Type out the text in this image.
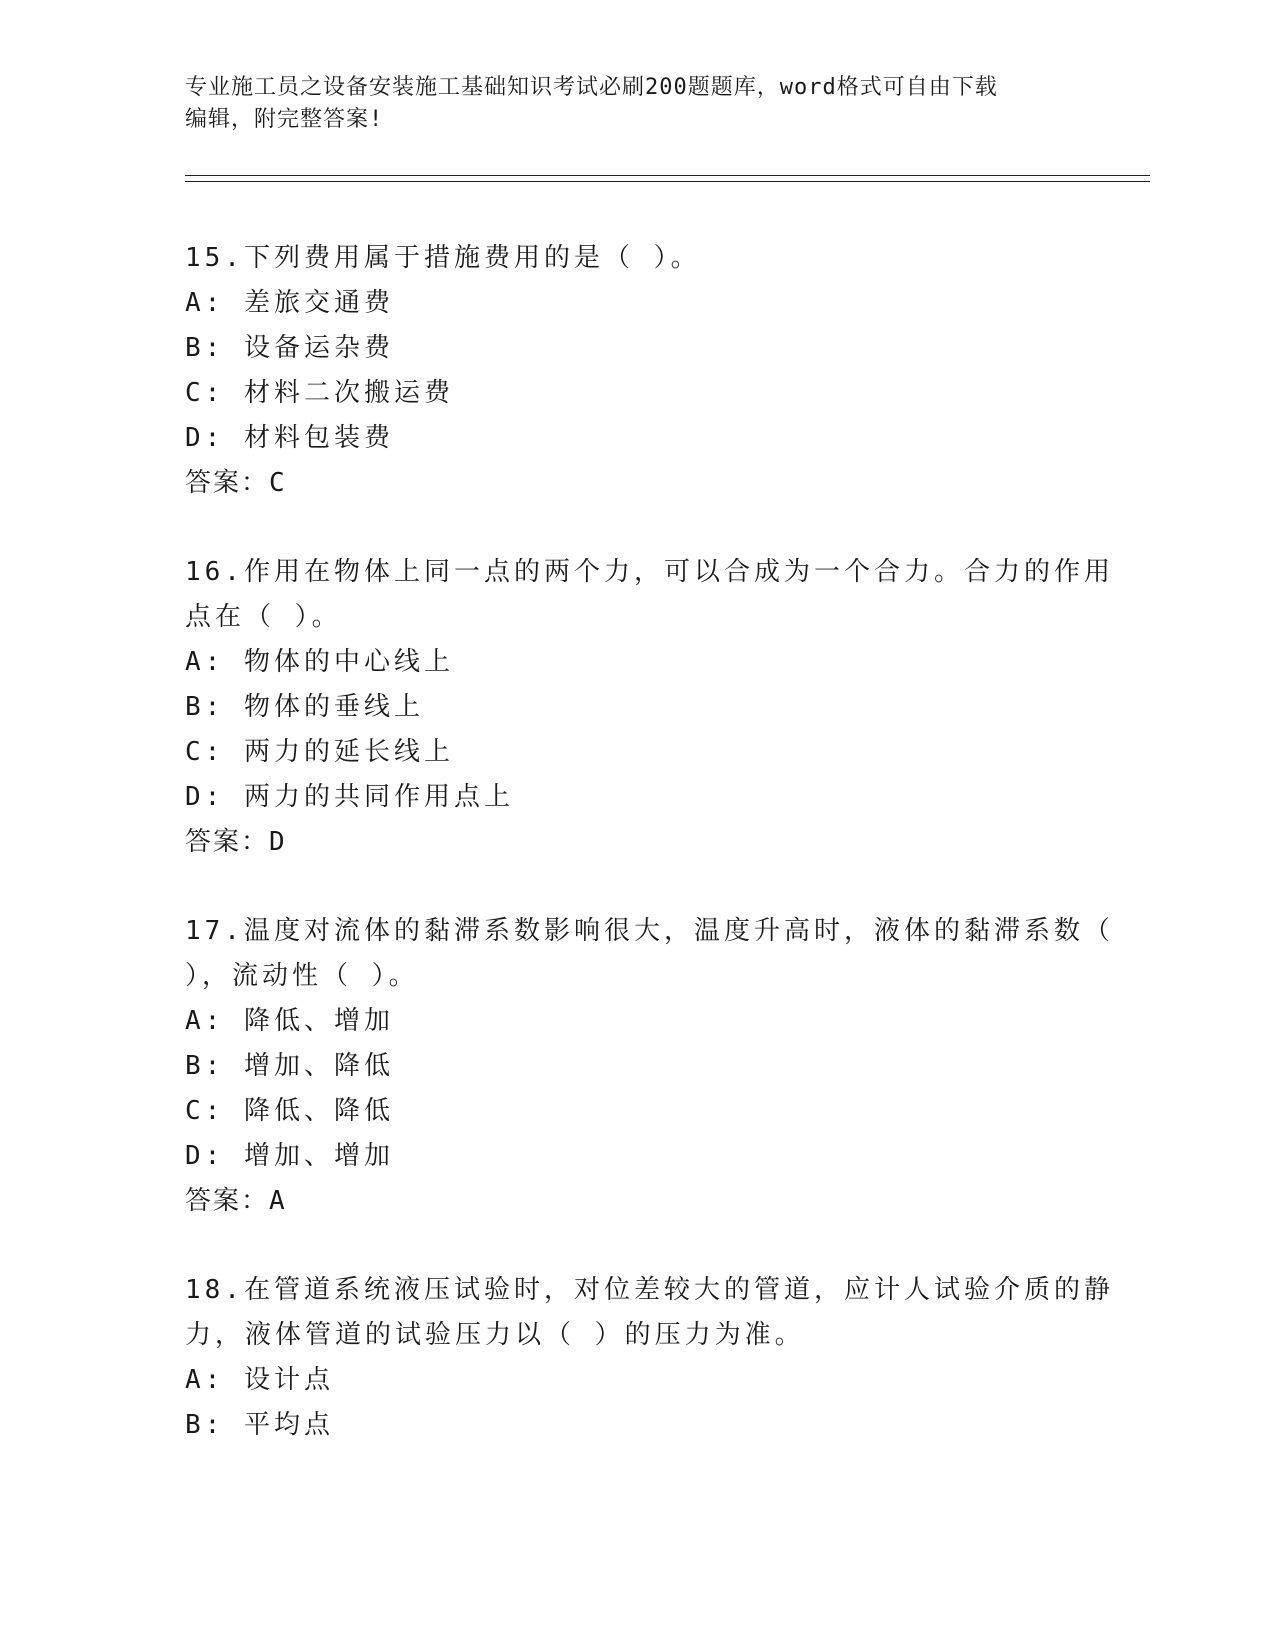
专业施工员之设备安装施工基础知识考试必刷200题题库，word格式可自由下载
编辑，附完整答案!
15.下列费用属于措施费用的是（ ）。
A: 差旅交通费
B: 设备运杂费
C: 材料二次搬运费
D: 材料包装费
答案：C
16.作用在物体上同一点的两个力，可以合成为一个合力。合力的作用
点在（ ）。
A: 物体的中心线上
B: 物体的垂线上
C: 两力的延长线上
D: 两力的共同作用点上
答案：D
17.温度对流体的黏滞系数影响很大，温度升高时，液体的黏滞系数（
），流动性（ ）。
A: 降低、增加
B: 增加、降低
C: 降低、降低
D: 增加、增加
答案：A
18.在管道系统液压试验时，对位差较大的管道，应计人试验介质的静
力，液体管道的试验压力以（ ）的压力为准。
A: 设计点
B: 平均点
